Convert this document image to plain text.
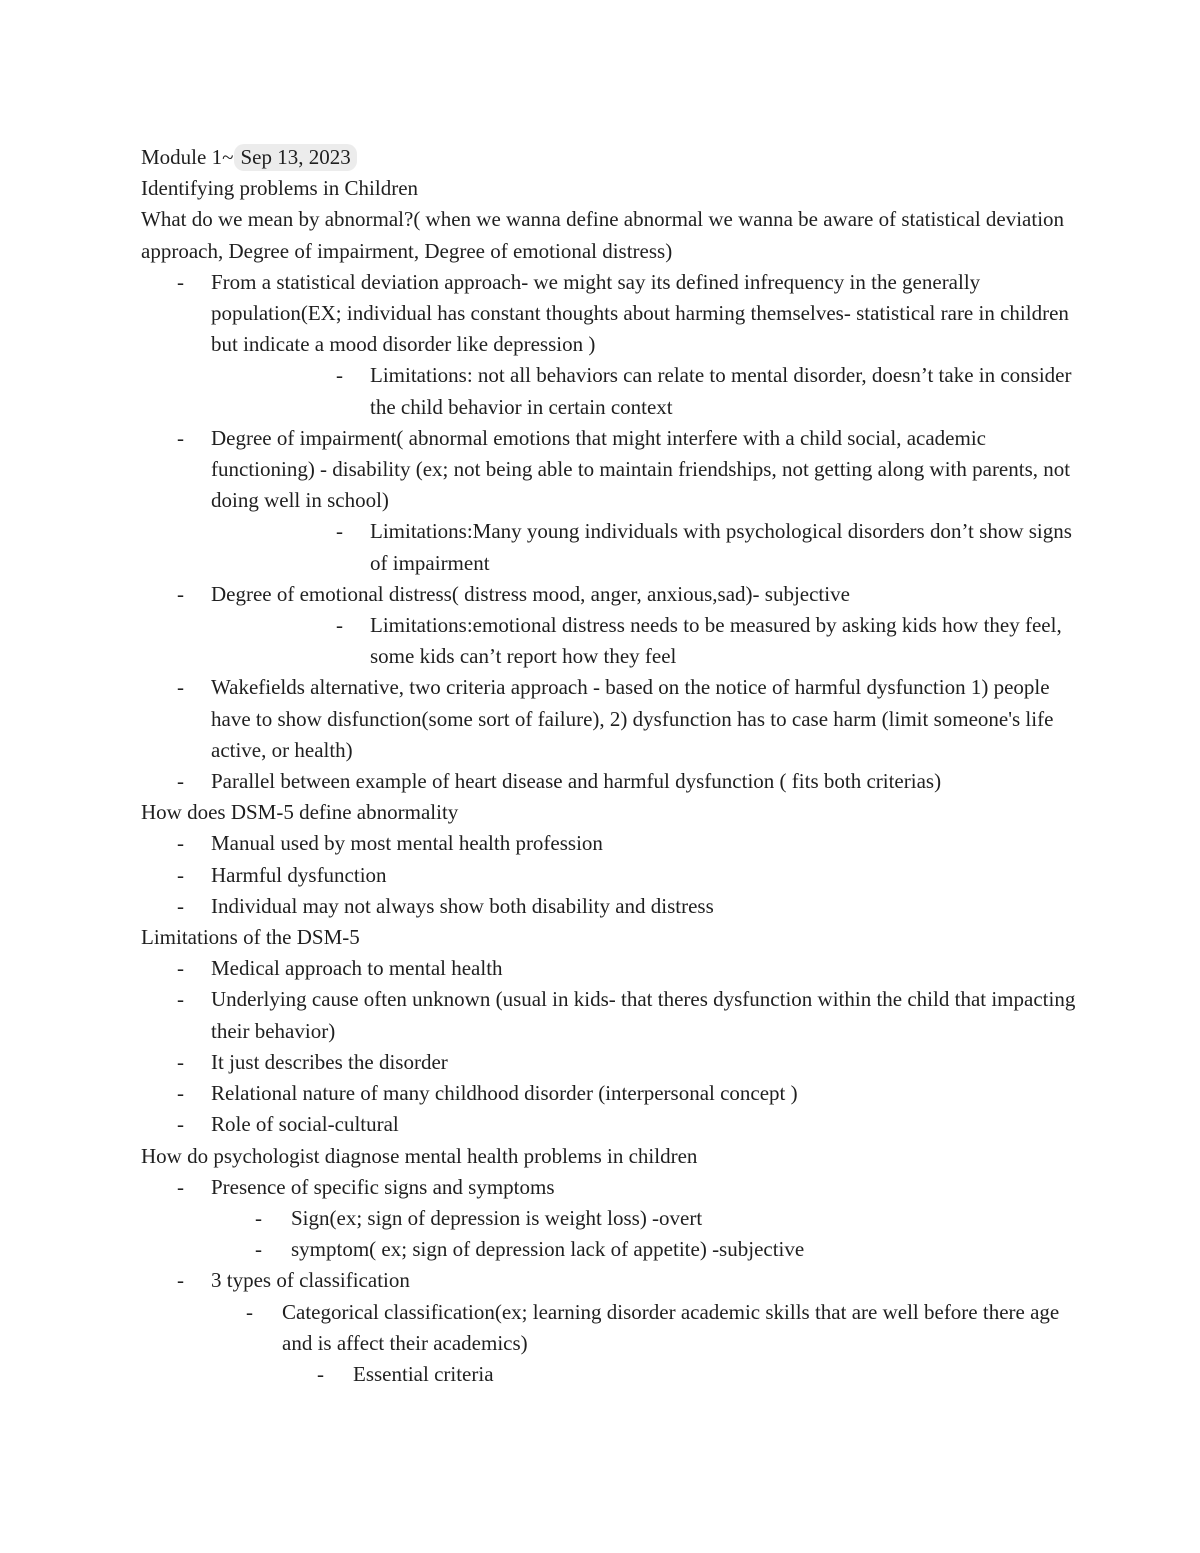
Module 1~ Sep 13, 2023

Identifying problems in Children

What do we mean by abnormal?( when we wanna define abnormal we wanna be aware of statistical deviation approach, Degree of impairment, Degree of emotional distress)

- From a statistical deviation approach- we might say its defined infrequency in the generally population(EX; individual has constant thoughts about harming themselves- statistical rare in children but indicate a mood disorder like depression )
- Limitations: not all behaviors can relate to mental disorder, doesn’t take in consider the child behavior in certain context
- Degree of impairment( abnormal emotions that might interfere with a child social, academic functioning) - disability (ex; not being able to maintain friendships, not getting along with parents, not doing well in school)
- Limitations:Many young individuals with psychological disorders don’t show signs of impairment
- Degree of emotional distress( distress mood, anger, anxious,sad)- subjective
- Limitations:emotional distress needs to be measured by asking kids how they feel, some kids can’t report how they feel
- Wakefields alternative, two criteria approach - based on the notice of harmful dysfunction 1) people have to show disfunction(some sort of failure), 2) dysfunction has to case harm (limit someone's life active, or health)
- Parallel between example of heart disease and harmful dysfunction ( fits both criterias)

How does DSM-5 define abnormality

- Manual used by most mental health profession
- Harmful dysfunction
- Individual may not always show both disability and distress

Limitations of the DSM-5

- Medical approach to mental health
- Underlying cause often unknown (usual in kids- that theres dysfunction within the child that impacting their behavior)
- It just describes the disorder
- Relational nature of many childhood disorder (interpersonal concept )
- Role of social-cultural

How do psychologist diagnose mental health problems in children

- Presence of specific signs and symptoms
- Sign(ex; sign of depression is weight loss) -overt
- symptom( ex; sign of depression lack of appetite) -subjective
- 3 types of classification
- Categorical classification(ex; learning disorder academic skills that are well before there age and is affect their academics)
- Essential criteria
